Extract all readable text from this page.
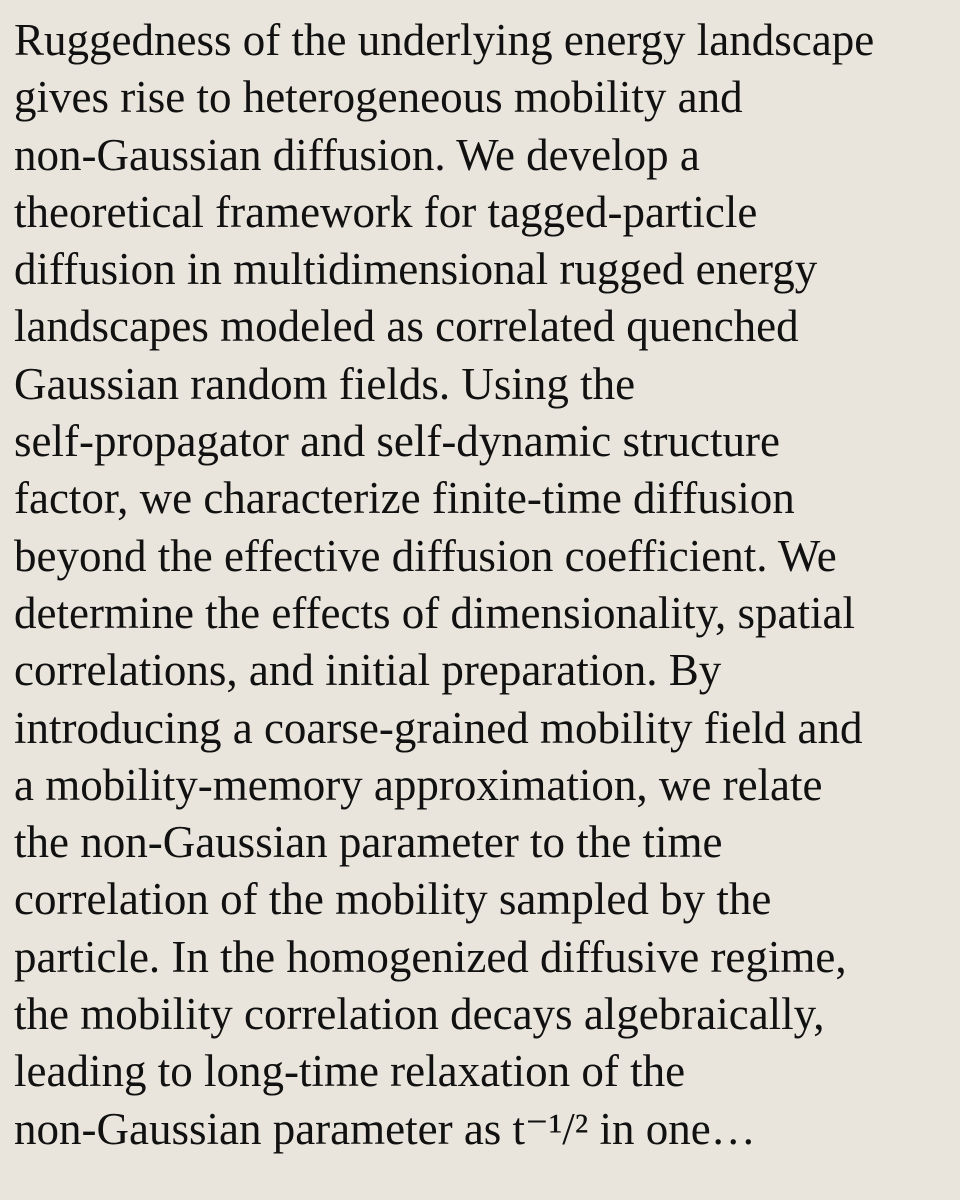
Ruggedness of the underlying energy landscape
gives rise to heterogeneous mobility and
non-Gaussian diffusion. We develop a
theoretical framework for tagged-particle
diffusion in multidimensional rugged energy
landscapes modeled as correlated quenched
Gaussian random fields. Using the
self-propagator and self-dynamic structure
factor, we characterize finite-time diffusion
beyond the effective diffusion coefficient. We
determine the effects of dimensionality, spatial
correlations, and initial preparation. By
introducing a coarse-grained mobility field and
a mobility-memory approximation, we relate
the non-Gaussian parameter to the time
correlation of the mobility sampled by the
particle. In the homogenized diffusive regime,
the mobility correlation decays algebraically,
leading to long-time relaxation of the
non-Gaussian parameter as t⁻¹/² in one…
